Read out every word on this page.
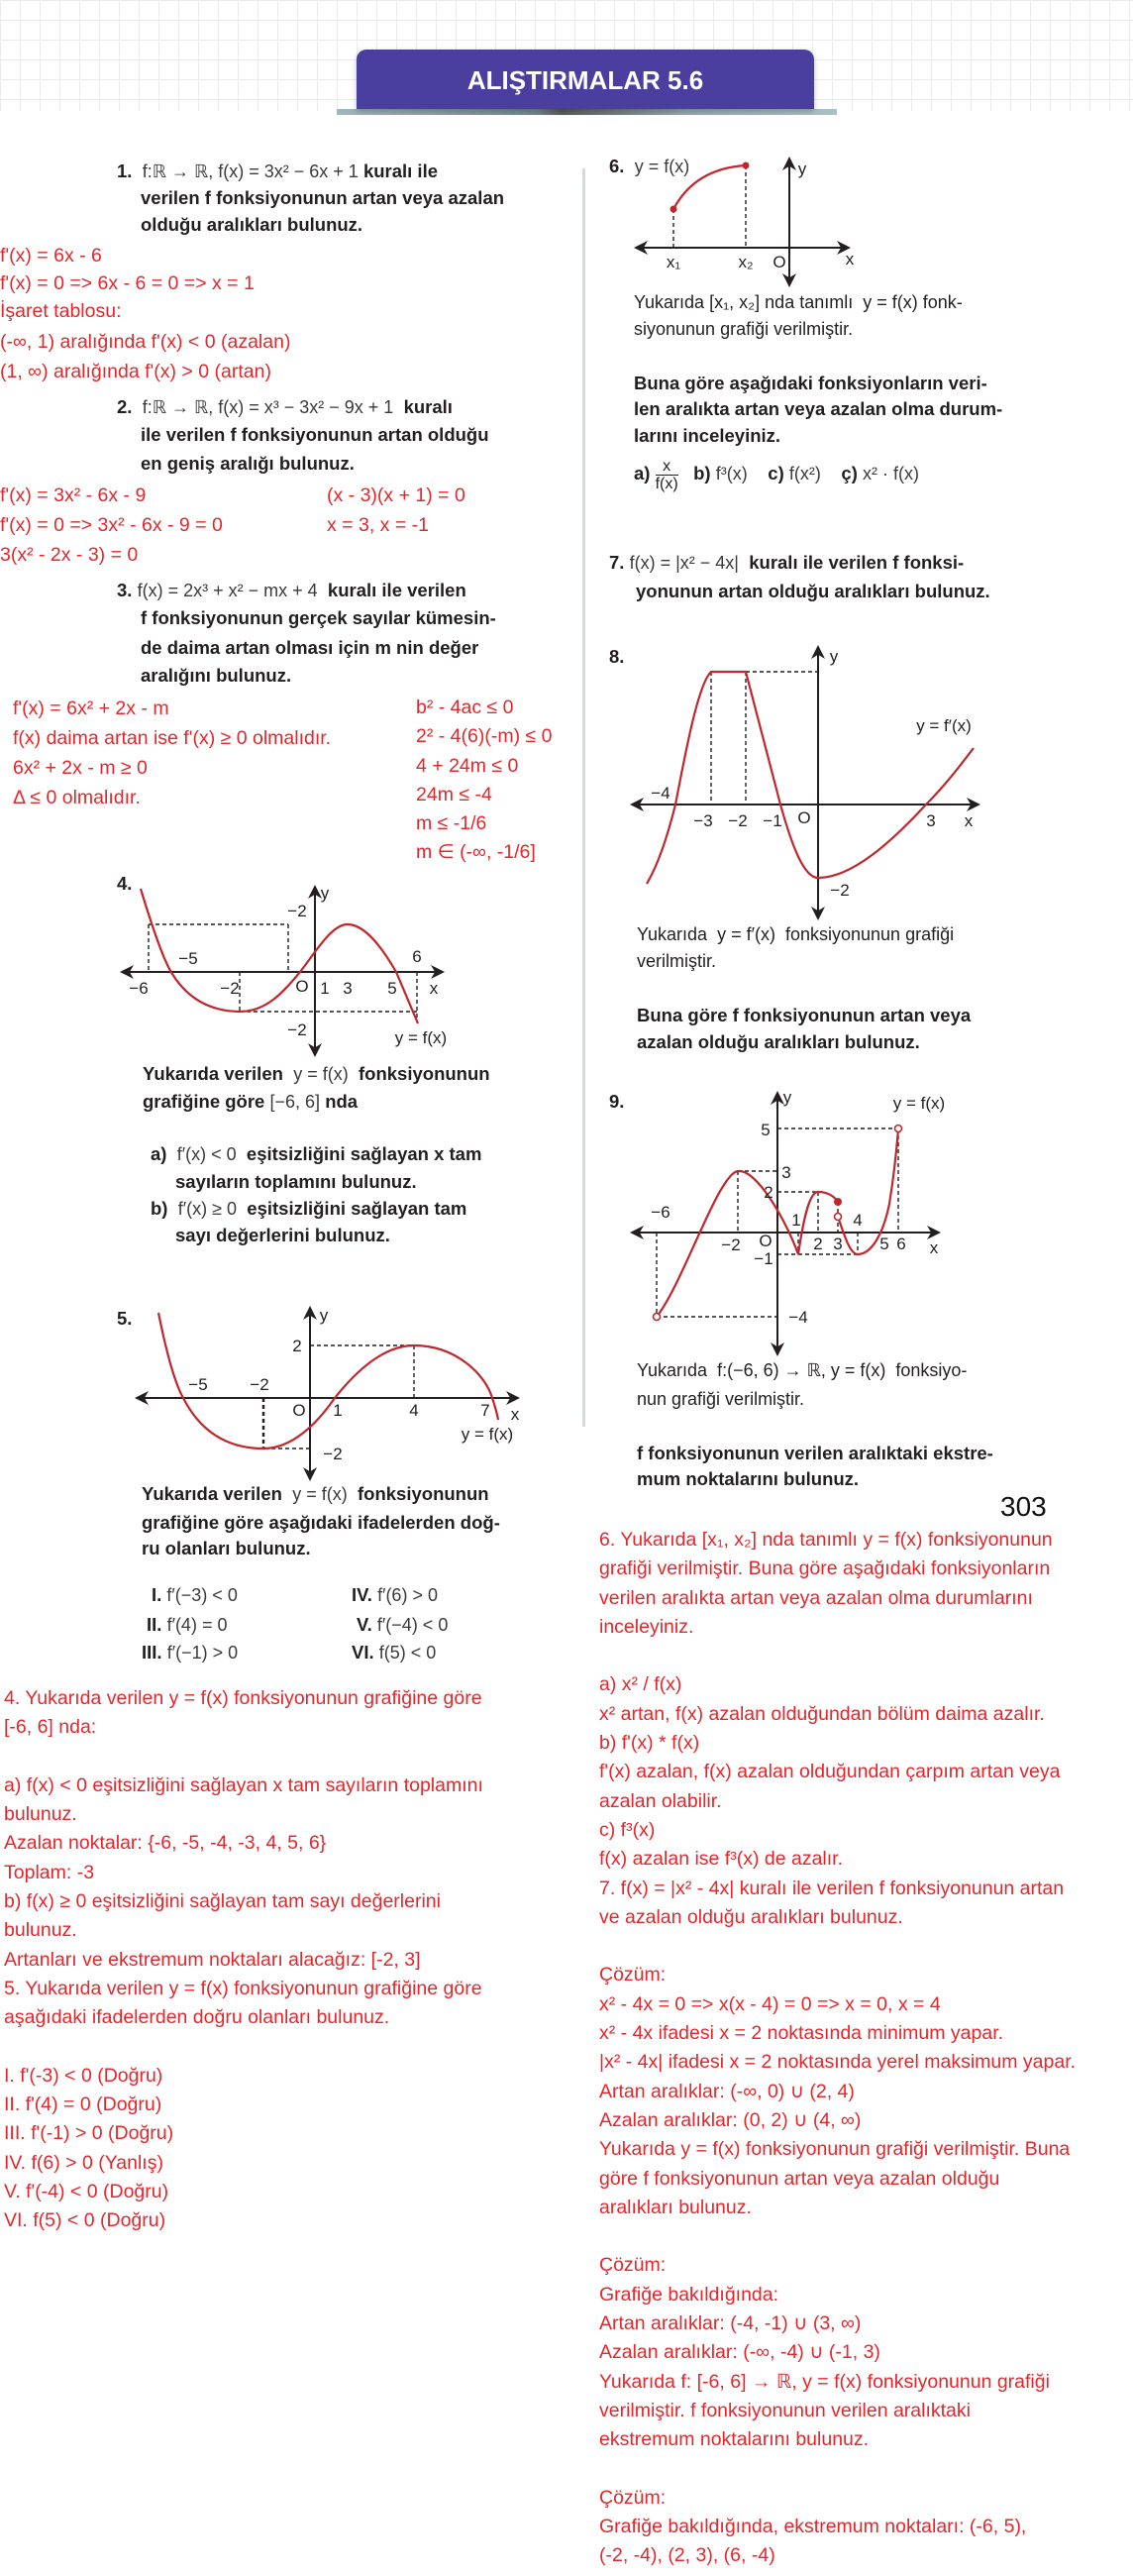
ALIŞTIRMALAR 5.6
1. f:ℝ → ℝ, f(x) = 3x² − 6x + 1 kuralı ile
verilen f fonksiyonunun artan veya azalan
olduğu aralıkları bulunuz.
2. f:ℝ → ℝ, f(x) = x³ − 3x² − 9x + 1 kuralı
ile verilen f fonksiyonunun artan olduğu
en geniş aralığı bulunuz.
3. f(x) = 2x³ + x² − mx + 4 kuralı ile verilen
f fonksiyonunun gerçek sayılar kümesin-
de daima artan olması için m nin değer
aralığını bulunuz.
4.
−2
−5
−6	−2	O 1 3 5
6
x
y
−2	y = f(x)
Yukarıda verilen y = f(x) fonksiyonunun
grafiğine göre [−6, 6] nda
a) f′(x) < 0 eşitsizliğini sağlayan x tam
sayıların toplamını bulunuz.
b) f′(x) ≥ 0 eşitsizliğini sağlayan tam
sayı değerlerini bulunuz.
5.	y
2
−5	−2
O 1	4	7 x
y = f(x)
−2
Yukarıda verilen y = f(x) fonksiyonunun
grafiğine göre aşağıdaki ifadelerden doğ-
ru olanları bulunuz.
I. f′(−3) < 0
II. f′(4) = 0
III. f′(−1) > 0
IV. f′(6) > 0
V. f′(−4) < 0
VI. f(5) < 0
6. y = f(x)	y
x₁	x₂ O	x
Yukarıda [x₁, x₂] nda tanımlı y = f(x) fonk-
siyonunun grafiği verilmiştir.
Buna göre aşağıdaki fonksiyonların veri-
len aralıkta artan veya azalan olma durum-
larını inceleyiniz.
$a) \frac{x}{f(x)} b$) f³(x) c) f(x²) ç) x² · f(x)
7. f(x) = |x² − 4x| kuralı ile verilen f fonksi-
yonunun artan olduğu aralıkları bulunuz.
8.	y
y = f′(x)
−4
−3 −2 −1 O	3 x
−2
Yukarıda y = f′(x) fonksiyonunun grafiği
verilmiştir.
Buna göre f fonksiyonunun artan veya
azalan olduğu aralıkları bulunuz.
9.	y	y = f(x)
5
3
2
−6	1	4
−2 O 2 3 5 6 x
−1
−4
Yukarıda f:(−6, 6) → ℝ, y = f(x) fonksiyo-
nun grafiği verilmiştir.
f fonksiyonunun verilen aralıktaki ekstre-
mum noktalarını bulunuz.
f'(x) = 6x - 6
f'(x) = 0 => 6x - 6 = 0 => x = 1
İşaret tablosu:
(-∞, 1) aralığında f'(x) < 0 (azalan)
(1, ∞) aralığında f'(x) > 0 (artan)
f'(x) = 3x² - 6x - 9
f'(x) = 0 => 3x² - 6x - 9 = 0
3(x² - 2x - 3) = 0
(x - 3)(x + 1) = 0
x = 3, x = -1
f'(x) = 6x² + 2x - m
f(x) daima artan ise f'(x) ≥ 0 olmalıdır.
6x² + 2x - m ≥ 0
Δ ≤ 0 olmalıdır.
b² - 4ac ≤ 0
2² - 4(6)(-m) ≤ 0
4 + 24m ≤ 0
24m ≤ -4
m ≤ -1/6
m ∈ (-∞, -1/6]
4. Yukarıda verilen y = f(x) fonksiyonunun grafiğine göre
[-6, 6] nda:
a) f(x) < 0 eşitsizliğini sağlayan x tam sayıların toplamını
bulunuz.
Azalan noktalar: {-6, -5, -4, -3, 4, 5, 6}
Toplam: -3
b) f(x) ≥ 0 eşitsizliğini sağlayan tam sayı değerlerini
bulunuz.
Artanları ve ekstremum noktaları alacağız: [-2, 3]
5. Yukarıda verilen y = f(x) fonksiyonunun grafiğine göre
aşağıdaki ifadelerden doğru olanları bulunuz.
I. f'(-3) < 0 (Doğru)
II. f'(4) = 0 (Doğru)
III. f'(-1) > 0 (Doğru)
IV. f(6) > 0 (Yanlış)
V. f'(-4) < 0 (Doğru)
VI. f(5) < 0 (Doğru)
6. Yukarıda [x₁, x₂] nda tanımlı y = f(x) fonksiyonunun
grafiği verilmiştir. Buna göre aşağıdaki fonksiyonların
verilen aralıkta artan veya azalan olma durumlarını
inceleyiniz.
a) x² / f(x)
x² artan, f(x) azalan olduğundan bölüm daima azalır.
b) f'(x) * f(x)
f'(x) azalan, f(x) azalan olduğundan çarpım artan veya
azalan olabilir.
c) f³(x)
f(x) azalan ise f³(x) de azalır.
7. f(x) = |x² - 4x| kuralı ile verilen f fonksiyonunun artan
ve azalan olduğu aralıkları bulunuz.
Çözüm:
x² - 4x = 0 => x(x - 4) = 0 => x = 0, x = 4
x² - 4x ifadesi x = 2 noktasında minimum yapar.
|x² - 4x| ifadesi x = 2 noktasında yerel maksimum yapar.
Artan aralıklar: (-∞, 0) ∪ (2, 4)
Azalan aralıklar: (0, 2) ∪ (4, ∞)
Yukarıda y = f(x) fonksiyonunun grafiği verilmiştir. Buna
göre f fonksiyonunun artan veya azalan olduğu
aralıkları bulunuz.
Çözüm:
Grafiğe bakıldığında:
Artan aralıklar: (-4, -1) ∪ (3, ∞)
Azalan aralıklar: (-∞, -4) ∪ (-1, 3)
Yukarıda f: [-6, 6] → ℝ, y = f(x) fonksiyonunun grafiği
verilmiştir. f fonksiyonunun verilen aralıktaki
ekstremum noktalarını bulunuz.
Çözüm:
Grafiğe bakıldığında, ekstremum noktaları: (-6, 5),
(-2, -4), (2, 3), (6, -4)
303
